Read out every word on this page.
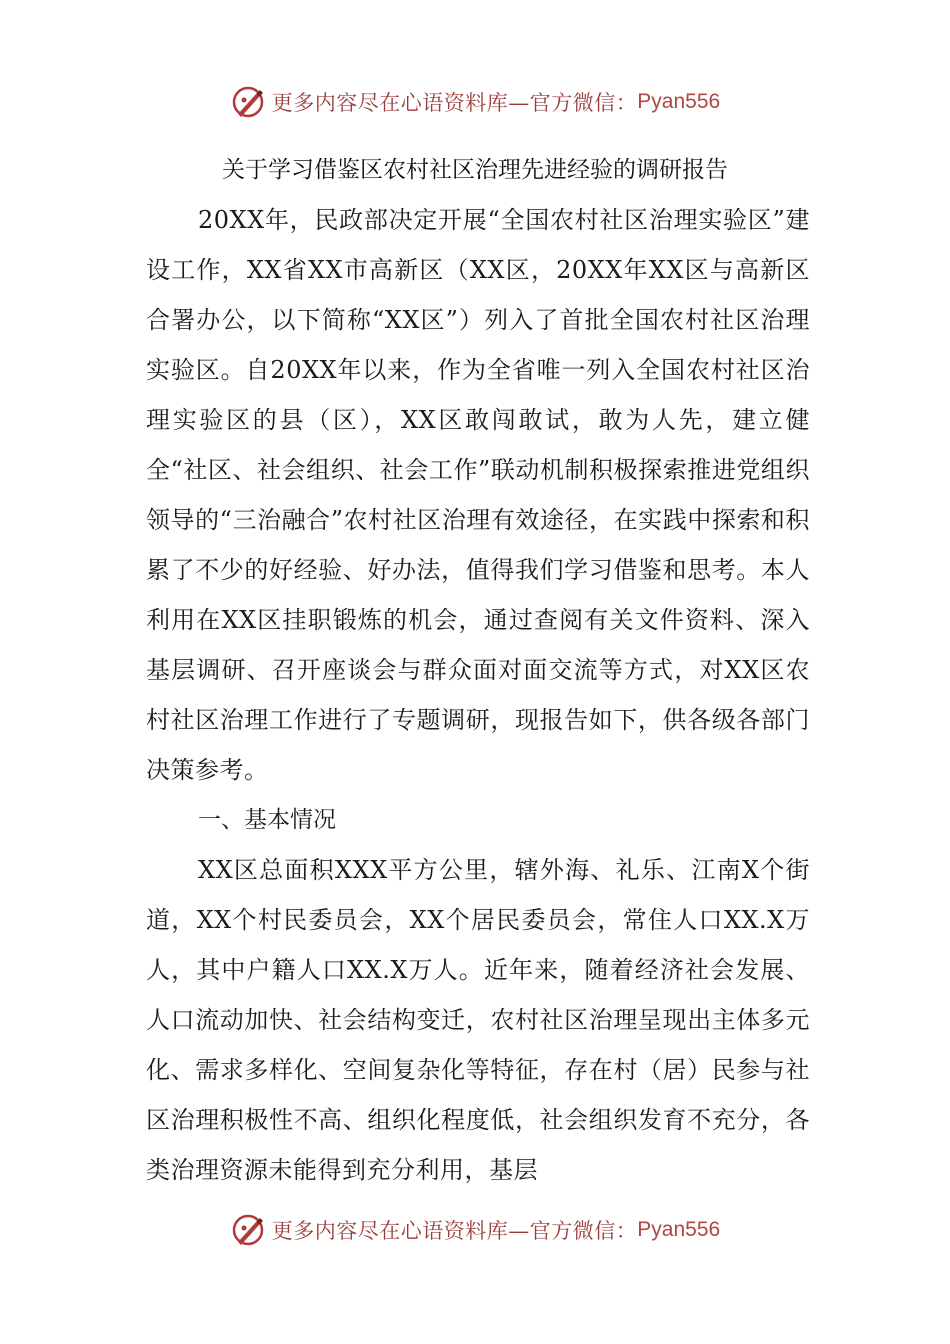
更多内容尽在心语资料库—官方微信： Pyan556
关于学习借鉴区农村社区治理先进经验的调研报告

20XX年，民政部决定开展“全国农村社区治理实验区”建设工作，XX省XX市高新区（XX区，20XX年XX区与高新区合署办公，以下简称“XX区”）列入了首批全国农村社区治理实验区。自20XX年以来，作为全省唯一列入全国农村社区治理实验区的县（区），XX区敢闯敢试，敢为人先，建立健全“社区、社会组织、社会工作”联动机制积极探索推进党组织领导的“三治融合”农村社区治理有效途径，在实践中探索和积累了不少的好经验、好办法，值得我们学习借鉴和思考。本人利用在XX区挂职锻炼的机会，通过查阅有关文件资料、深入基层调研、召开座谈会与群众面对面交流等方式，对XX区农村社区治理工作进行了专题调研，现报告如下，供各级各部门决策参考。

一、基本情况

XX区总面积XXX平方公里，辖外海、礼乐、江南X个街道，XX个村民委员会，XX个居民委员会，常住人口XX.X万人，其中户籍人口XX.X万人。近年来，随着经济社会发展、人口流动加快、社会结构变迁，农村社区治理呈现出主体多元化、需求多样化、空间复杂化等特征，存在村（居）民参与社区治理积极性不高、组织化程度低，社会组织发育不充分，各类治理资源未能得到充分利用，基层

更多内容尽在心语资料库—官方微信： Pyan556
